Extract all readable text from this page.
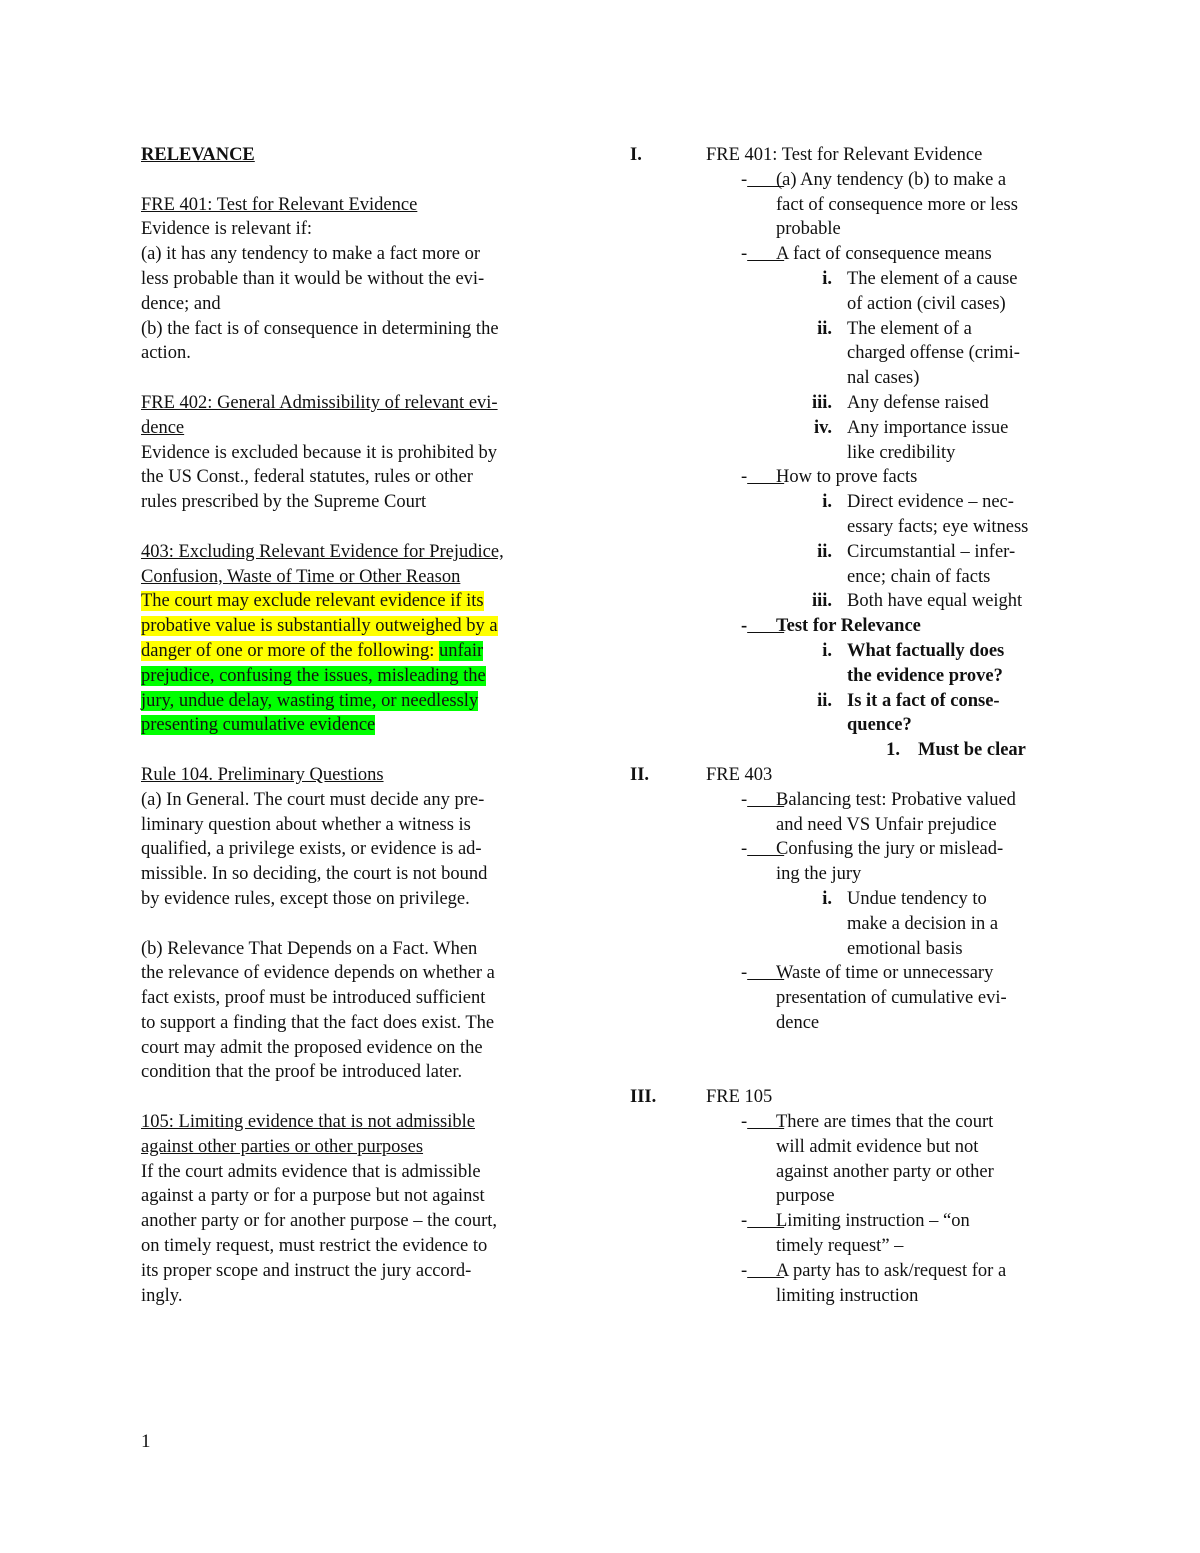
RELEVANCE
FRE 401: Test for Relevant Evidence
Evidence is relevant if:
(a) it has any tendency to make a fact more or
less probable than it would be without the evi-
dence; and
(b) the fact is of consequence in determining the
action.
FRE 402: General Admissibility of relevant evi-
dence
Evidence is excluded because it is prohibited by
the US Const., federal statutes, rules or other
rules prescribed by the Supreme Court
403: Excluding Relevant Evidence for Prejudice,
Confusion, Waste of Time or Other Reason
The court may exclude relevant evidence if its
probative value is substantially outweighed by a
danger of one or more of the following: unfair
prejudice, confusing the issues, misleading the
jury, undue delay, wasting time, or needlessly
presenting cumulative evidence
Rule 104. Preliminary Questions
(a) In General. The court must decide any pre-
liminary question about whether a witness is
qualified, a privilege exists, or evidence is ad-
missible. In so deciding, the court is not bound
by evidence rules, except those on privilege.
(b) Relevance That Depends on a Fact. When
the relevance of evidence depends on whether a
fact exists, proof must be introduced sufficient
to support a finding that the fact does exist. The
court may admit the proposed evidence on the
condition that the proof be introduced later.
105: Limiting evidence that is not admissible
against other parties or other purposes
If the court admits evidence that is admissible
against a party or for a purpose but not against
another party or for another purpose – the court,
on timely request, must restrict the evidence to
its proper scope and instruct the jury accord-
ingly.
I.	FRE 401: Test for Relevant Evidence
-  	(a) Any tendency (b) to make a
fact of consequence more or less
probable
-  	A fact of consequence means
i. The element of a cause
of action (civil cases)
ii. The element of a
charged offense (crimi-
nal cases)
iii. Any defense raised
iv. Any importance issue
like credibility
-  	How to prove facts
i. Direct evidence – nec-
essary facts; eye witness
ii. Circumstantial – infer-
ence; chain of facts
iii. Both have equal weight
-  	Test for Relevance
i. What factually does
the evidence prove?
ii. Is it a fact of conse-
quence?
1. Must be clear
II.	FRE 403
-  	Balancing test: Probative valued
and need VS Unfair prejudice
-  	Confusing the jury or mislead-
ing the jury
i. Undue tendency to
make a decision in a
emotional basis
-  	Waste of time or unnecessary
presentation of cumulative evi-
dence
III.	FRE 105
-  	There are times that the court
will admit evidence but not
against another party or other
purpose
-  	Limiting instruction – “on
timely request” –
-  	A party has to ask/request for a
limiting instruction
1
